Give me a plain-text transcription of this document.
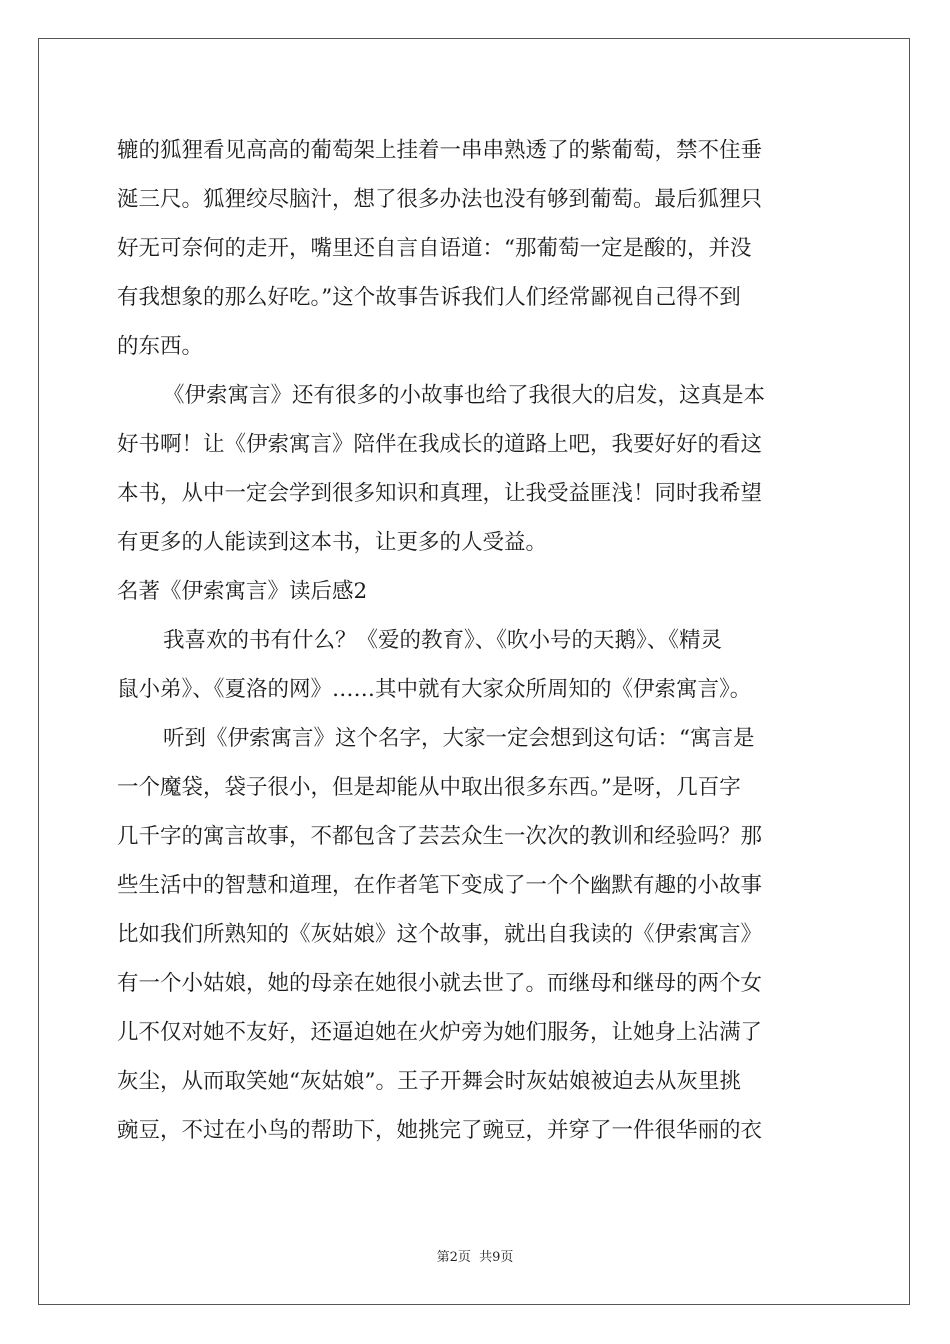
辘的狐狸看见高高的葡萄架上挂着一串串熟透了的紫葡萄，禁不住垂
涎三尺。狐狸绞尽脑汁，想了很多办法也没有够到葡萄。最后狐狸只
好无可奈何的走开，嘴里还自言自语道：“那葡萄一定是酸的，并没
有我想象的那么好吃。”这个故事告诉我们人们经常鄙视自己得不到
的东西。
《伊索寓言》还有很多的小故事也给了我很大的启发，这真是本
好书啊！让《伊索寓言》陪伴在我成长的道路上吧，我要好好的看这
本书，从中一定会学到很多知识和真理，让我受益匪浅！同时我希望
有更多的人能读到这本书，让更多的人受益。
名著《伊索寓言》读后感2
我喜欢的书有什么？《爱的教育》、《吹小号的天鹅》、《精灵
鼠小弟》、《夏洛的网》……其中就有大家众所周知的《伊索寓言》。
听到《伊索寓言》这个名字，大家一定会想到这句话：“寓言是
一个魔袋，袋子很小，但是却能从中取出很多东西。”是呀，几百字
几千字的寓言故事，不都包含了芸芸众生一次次的教训和经验吗？那
些生活中的智慧和道理，在作者笔下变成了一个个幽默有趣的小故事
比如我们所熟知的《灰姑娘》这个故事，就出自我读的《伊索寓言》
有一个小姑娘，她的母亲在她很小就去世了。而继母和继母的两个女
儿不仅对她不友好，还逼迫她在火炉旁为她们服务，让她身上沾满了
灰尘，从而取笑她“灰姑娘”。王子开舞会时灰姑娘被迫去从灰里挑
豌豆，不过在小鸟的帮助下，她挑完了豌豆，并穿了一件很华丽的衣
第2页  共9页
